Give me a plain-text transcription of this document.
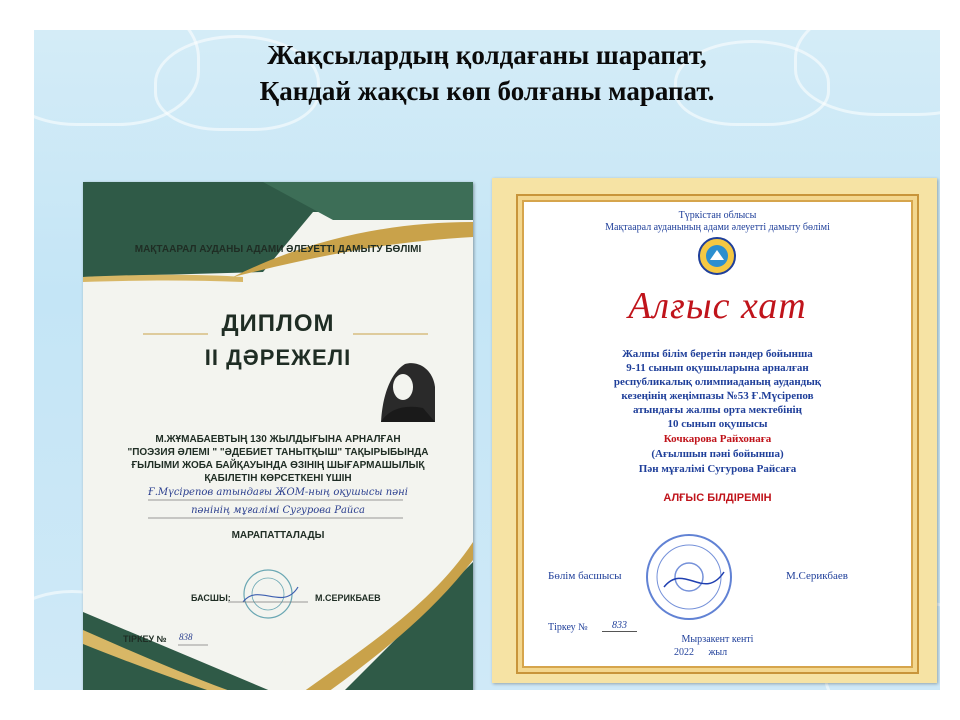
Жақсылардың қолдағаны шарапат,
Қандай жақсы көп болғаны марапат.
МАҚТААРАЛ АУДАНЫ АДАМИ ӘЛЕУЕТТІ ДАМЫТУ БӨЛІМІ
ДИПЛОМ
II ДӘРЕЖЕЛІ
М.ЖҰМАБАЕВТЫҢ 130 ЖЫЛДЫҒЫНА АРНАЛҒАН
"ПОЭЗИЯ ӘЛЕМІ " "ӘДЕБИЕТ ТАНЫТҚЫШ" ТАҚЫРЫБЫНДА
ҒЫЛЫМИ ЖОБА БАЙҚАУЫНДА ӨЗІНІҢ ШЫҒАРМАШЫЛЫҚ
ҚАБІЛЕТІН КӨРСЕТКЕНІ ҮШІН
Ғ.Мүсірепов атындағы ЖОМ-ның оқушысы пәні
пәнінің мұғалімі Сугурова Райса
МАРАПАТТАЛАДЫ
БАСШЫ:	М.СЕРИКБАЕВ
ТІРКЕУ № 838
МЫРЗАКЕНТ КЕНТІ
2023 ЖЫЛ
Түркістан облысы
Мақтаарал ауданының адами әлеуетті дамыту бөлімі
Алғыс хат
Жалпы білім беретін пәндер бойынша
9-11 сынып оқушыларына арналған
республикалық олимпиаданың аудандық
кезеңінің жеңімпазы №53 Ғ.Мүсірепов
атындағы жалпы орта мектебінің
10 сынып оқушысы
Кочкарова Райхонаға
(Ағылшын пәні бойынша)
Пән мұғалімі Сугурова Райсаға
АЛҒЫС БІЛДІРЕМІН
Бөлім басшысы	М.Серикбаев
Тіркеу №	833
Мырзакент кенті
2022 жыл
